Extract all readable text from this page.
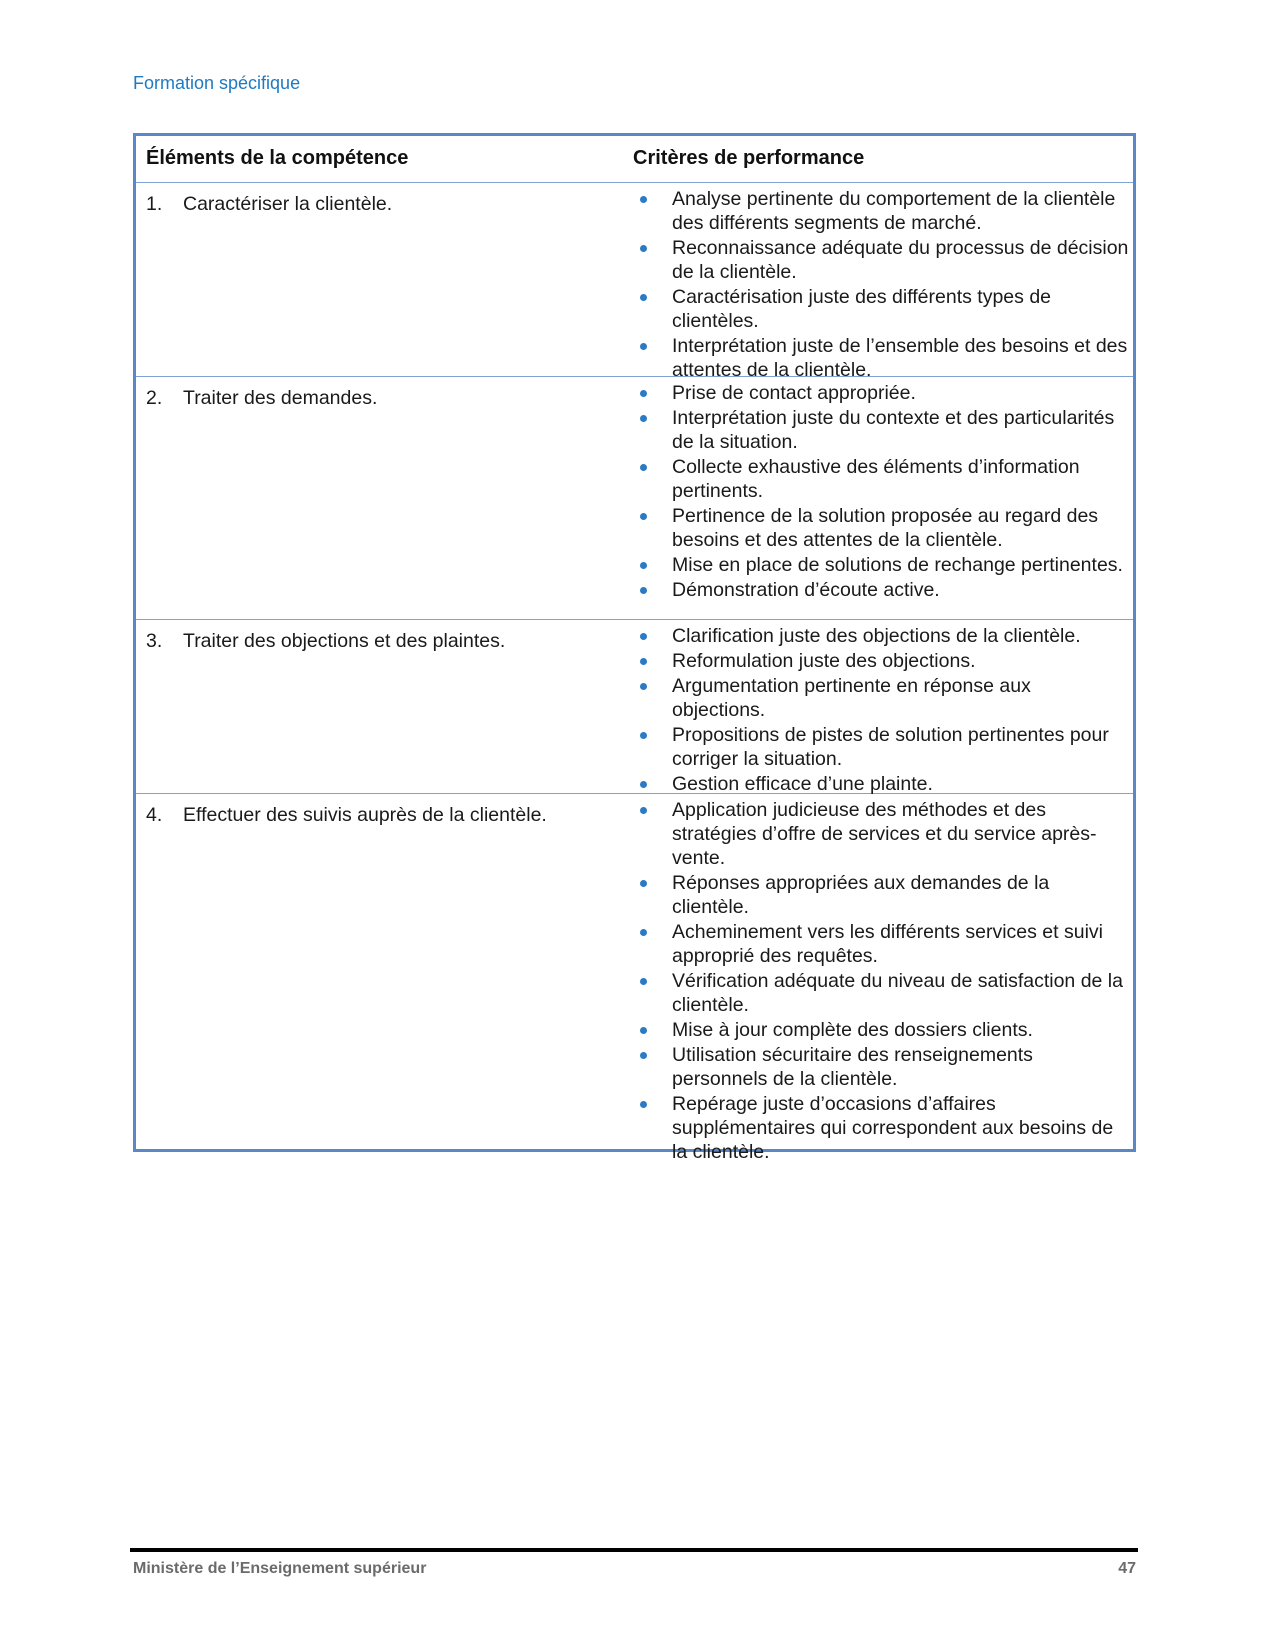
Formation spécifique
Éléments de la compétence	Critères de performance
1.	Caractériser la clientèle.	Analyse pertinente du comportement de la clientèle des différents segments de marché.
Reconnaissance adéquate du processus de décision de la clientèle.
Caractérisation juste des différents types de clientèles.
Interprétation juste de l’ensemble des besoins et des attentes de la clientèle.
2.	Traiter des demandes.	Prise de contact appropriée.
Interprétation juste du contexte et des particularités de la situation.
Collecte exhaustive des éléments d’information pertinents.
Pertinence de la solution proposée au regard des besoins et des attentes de la clientèle.
Mise en place de solutions de rechange pertinentes.
Démonstration d’écoute active.
3.	Traiter des objections et des plaintes.	Clarification juste des objections de la clientèle.
Reformulation juste des objections.
Argumentation pertinente en réponse aux objections.
Propositions de pistes de solution pertinentes pour corriger la situation.
Gestion efficace d’une plainte.
4.	Effectuer des suivis auprès de la clientèle.	Application judicieuse des méthodes et des stratégies d’offre de services et du service après-vente.
Réponses appropriées aux demandes de la clientèle.
Acheminement vers les différents services et suivi approprié des requêtes.
Vérification adéquate du niveau de satisfaction de la clientèle.
Mise à jour complète des dossiers clients.
Utilisation sécuritaire des renseignements personnels de la clientèle.
Repérage juste d’occasions d’affaires supplémentaires qui correspondent aux besoins de la clientèle.
Ministère de l’Enseignement supérieur	47
